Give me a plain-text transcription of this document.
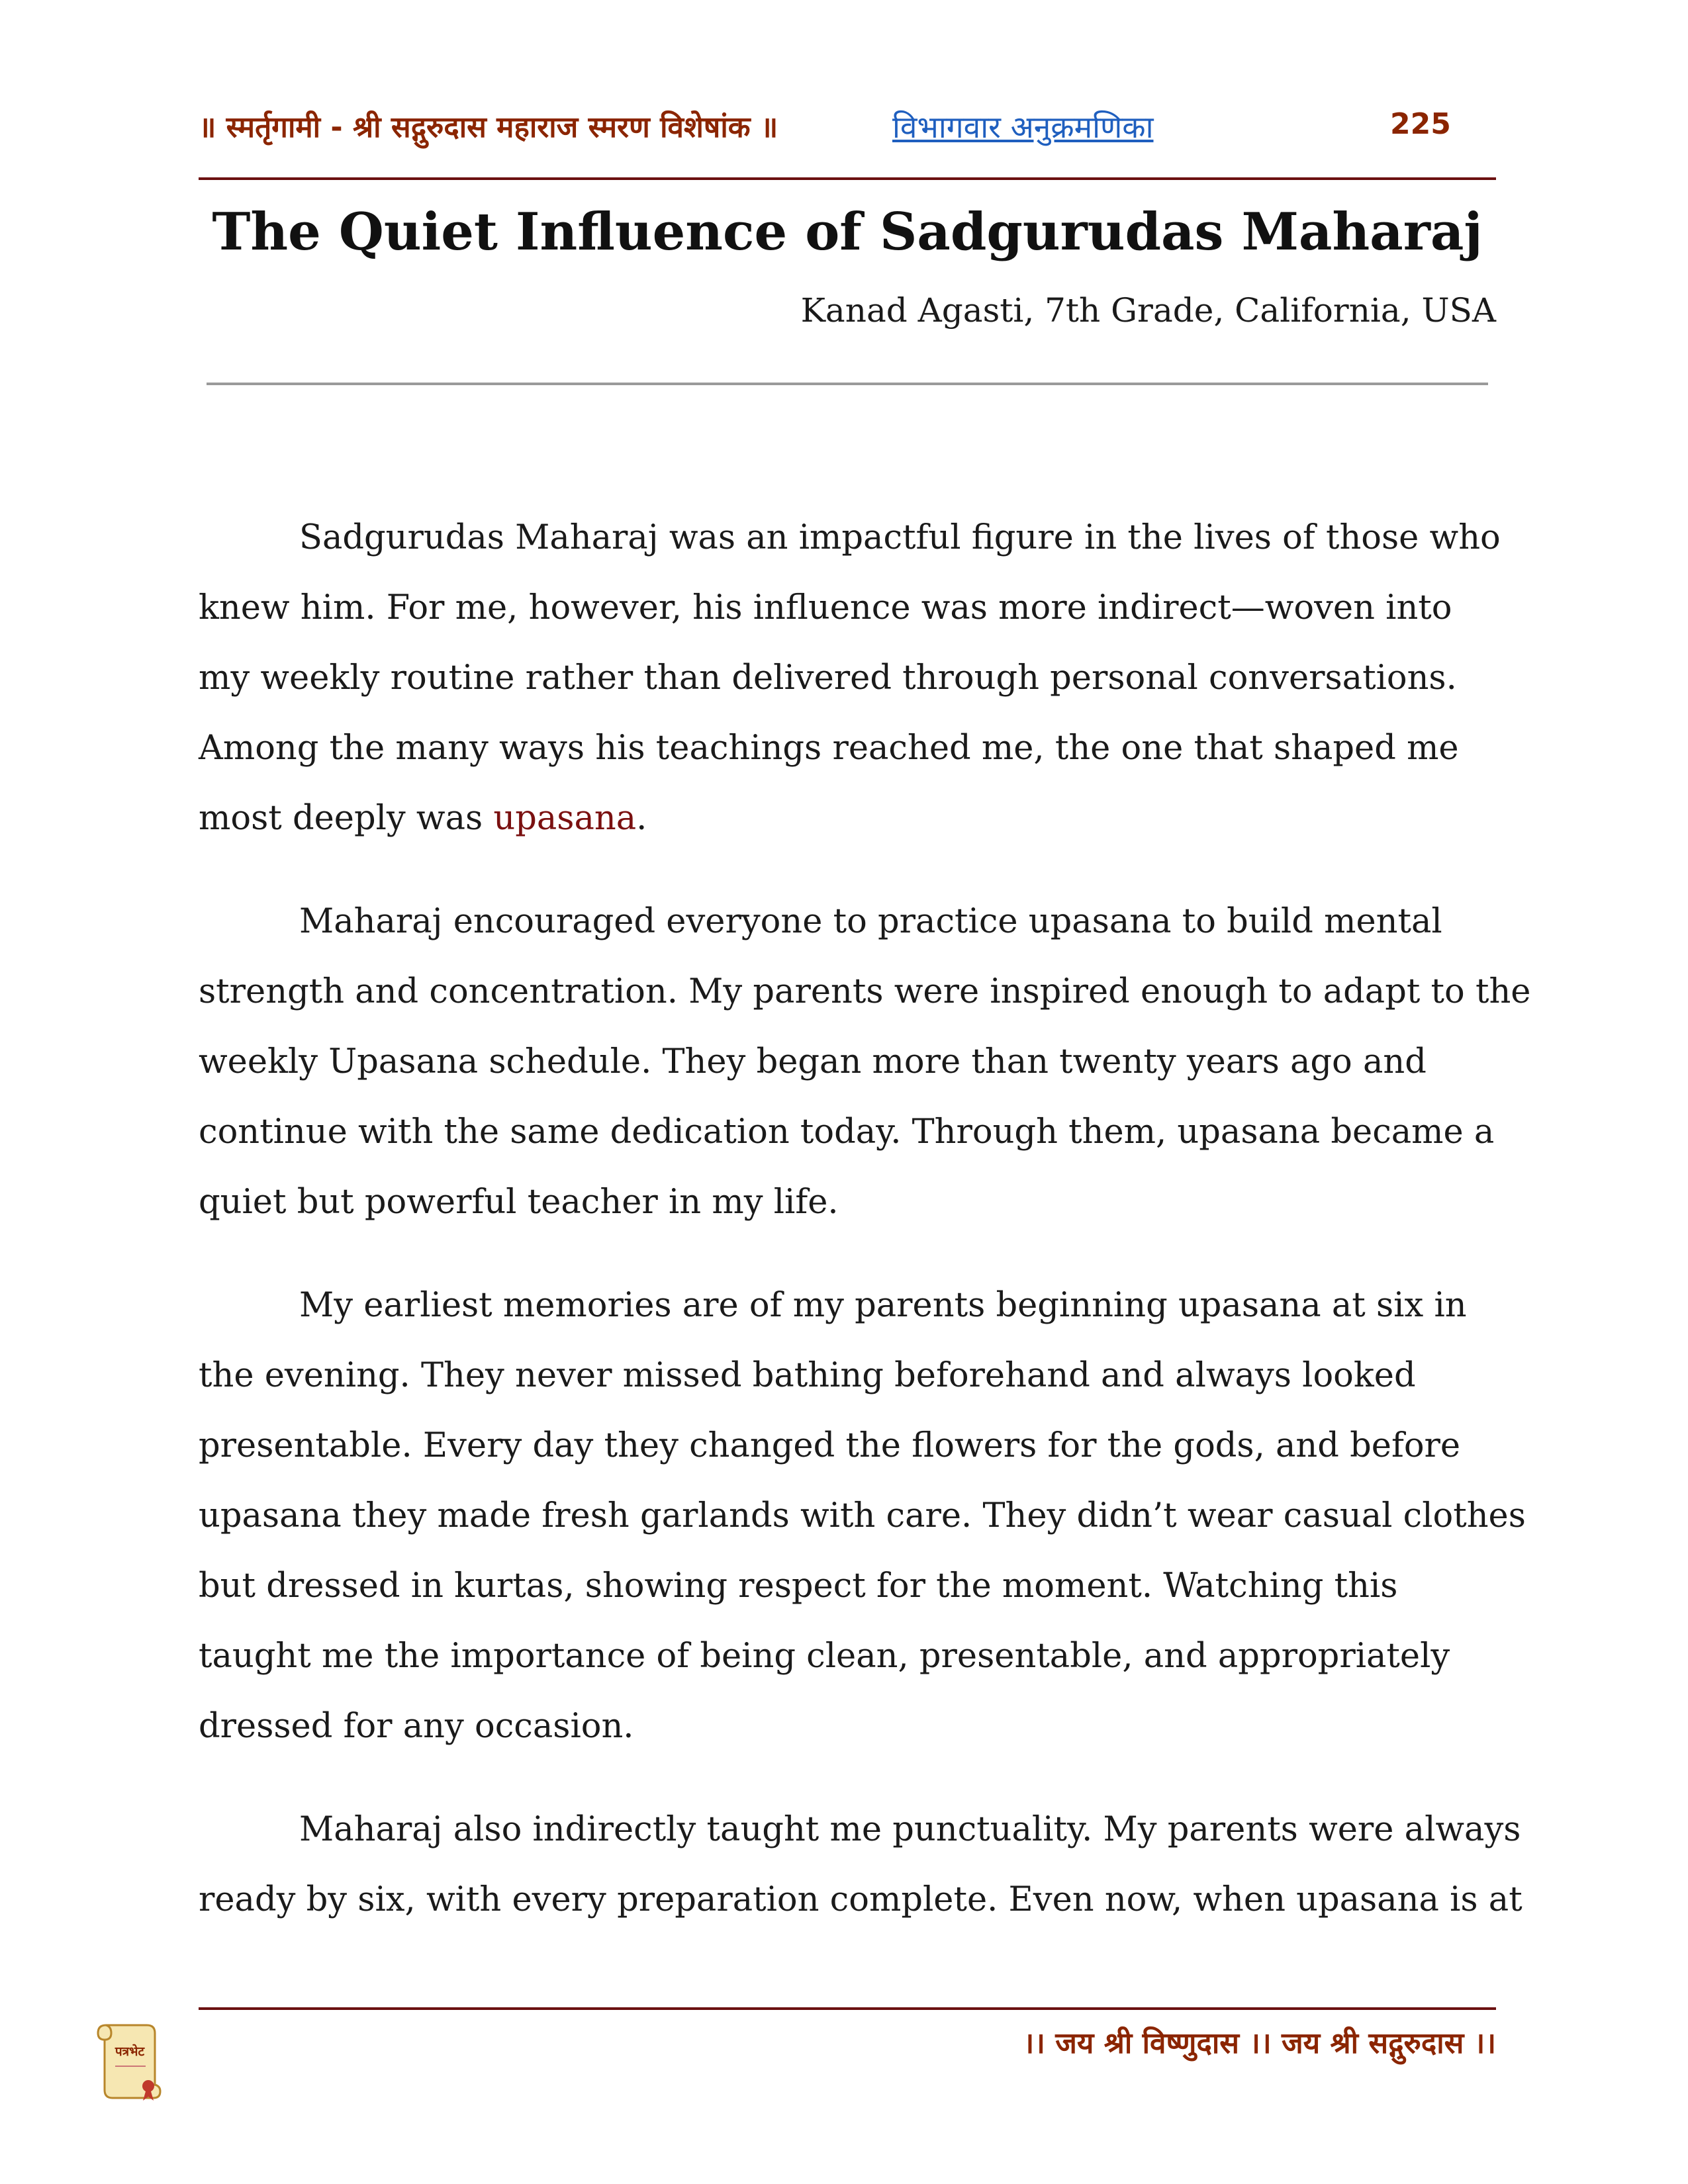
॥ स्मर्तृगामी - श्री सद्गुरुदास महाराज स्मरण विशेषांक ॥	विभागवार अनुक्रमणिका	225
The Quiet Influence of Sadgurudas Maharaj
Kanad Agasti, 7th Grade, California, USA
Sadgurudas Maharaj was an impactful figure in the lives of those who
knew him. For me, however, his influence was more indirect—woven into
my weekly routine rather than delivered through personal conversations.
Among the many ways his teachings reached me, the one that shaped me
most deeply was upasana.
Maharaj encouraged everyone to practice upasana to build mental
strength and concentration. My parents were inspired enough to adapt to the
weekly Upasana schedule. They began more than twenty years ago and
continue with the same dedication today. Through them, upasana became a
quiet but powerful teacher in my life.
My earliest memories are of my parents beginning upasana at six in
the evening. They never missed bathing beforehand and always looked
presentable. Every day they changed the flowers for the gods, and before
upasana they made fresh garlands with care. They didn’t wear casual clothes
but dressed in kurtas, showing respect for the moment. Watching this
taught me the importance of being clean, presentable, and appropriately
dressed for any occasion.
Maharaj also indirectly taught me punctuality. My parents were always
ready by six, with every preparation complete. Even now, when upasana is at
पत्रभेट	।। जय श्री विष्णुदास ।। जय श्री सद्गुरुदास ।।
